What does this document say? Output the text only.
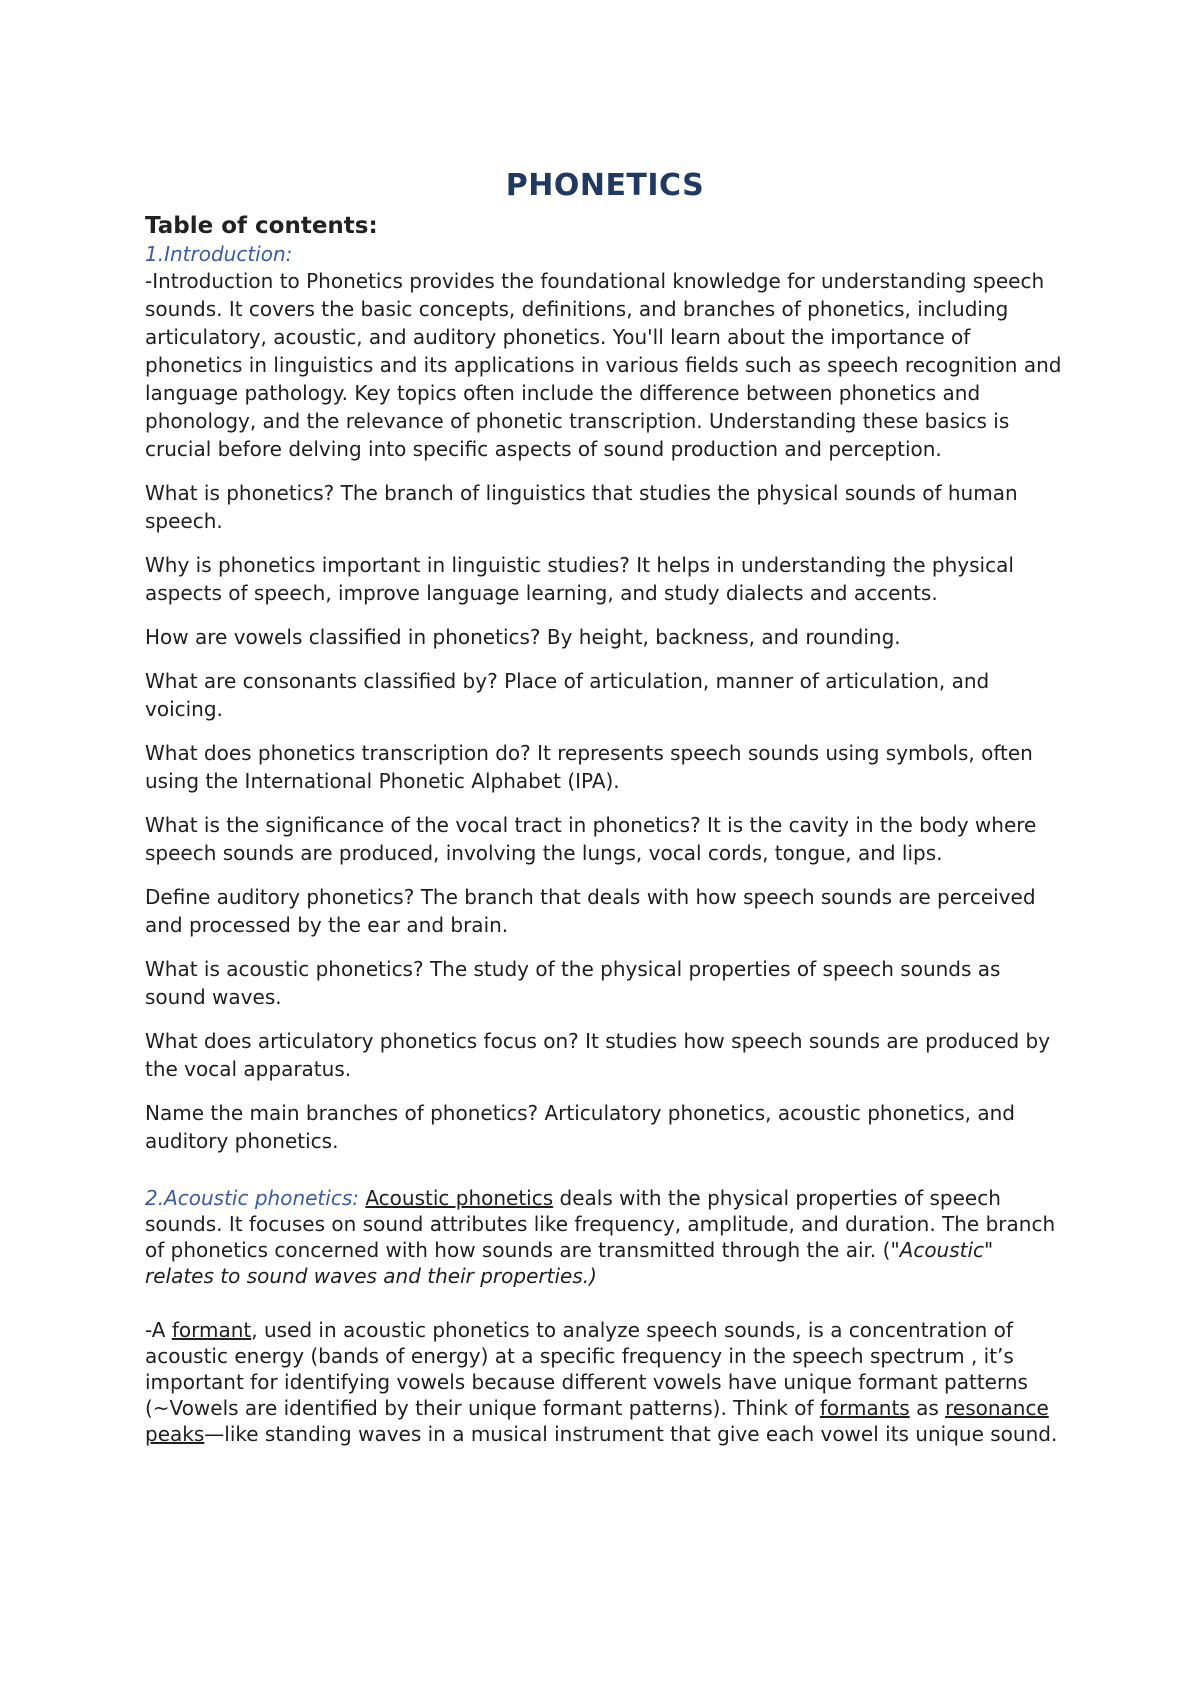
PHONETICS
Table of contents:

1.Introduction:

-Introduction to Phonetics provides the foundational knowledge for understanding speech sounds. It covers the basic concepts, definitions, and branches of phonetics, including articulatory, acoustic, and auditory phonetics. You'll learn about the importance of phonetics in linguistics and its applications in various fields such as speech recognition and language pathology. Key topics often include the difference between phonetics and phonology, and the relevance of phonetic transcription. Understanding these basics is crucial before delving into specific aspects of sound production and perception.

What is phonetics? The branch of linguistics that studies the physical sounds of human speech.

Why is phonetics important in linguistic studies? It helps in understanding the physical aspects of speech, improve language learning, and study dialects and accents.

How are vowels classified in phonetics? By height, backness, and rounding.

What are consonants classified by? Place of articulation, manner of articulation, and voicing.

What does phonetics transcription do? It represents speech sounds using symbols, often using the International Phonetic Alphabet (IPA).

What is the significance of the vocal tract in phonetics? It is the cavity in the body where speech sounds are produced, involving the lungs, vocal cords, tongue, and lips.

Define auditory phonetics? The branch that deals with how speech sounds are perceived and processed by the ear and brain.

What is acoustic phonetics? The study of the physical properties of speech sounds as sound waves.

What does articulatory phonetics focus on? It studies how speech sounds are produced by the vocal apparatus.

Name the main branches of phonetics? Articulatory phonetics, acoustic phonetics, and auditory phonetics.

2.Acoustic phonetics: Acoustic phonetics deals with the physical properties of speech sounds. It focuses on sound attributes like frequency, amplitude, and duration. The branch of phonetics concerned with how sounds are transmitted through the air. ("Acoustic" relates to sound waves and their properties.)

-A formant, used in acoustic phonetics to analyze speech sounds, is a concentration of acoustic energy (bands of energy) at a specific frequency in the speech spectrum , it’s important for identifying vowels because different vowels have unique formant patterns (~Vowels are identified by their unique formant patterns). Think of formants as resonance peaks—like standing waves in a musical instrument that give each vowel its unique sound.
